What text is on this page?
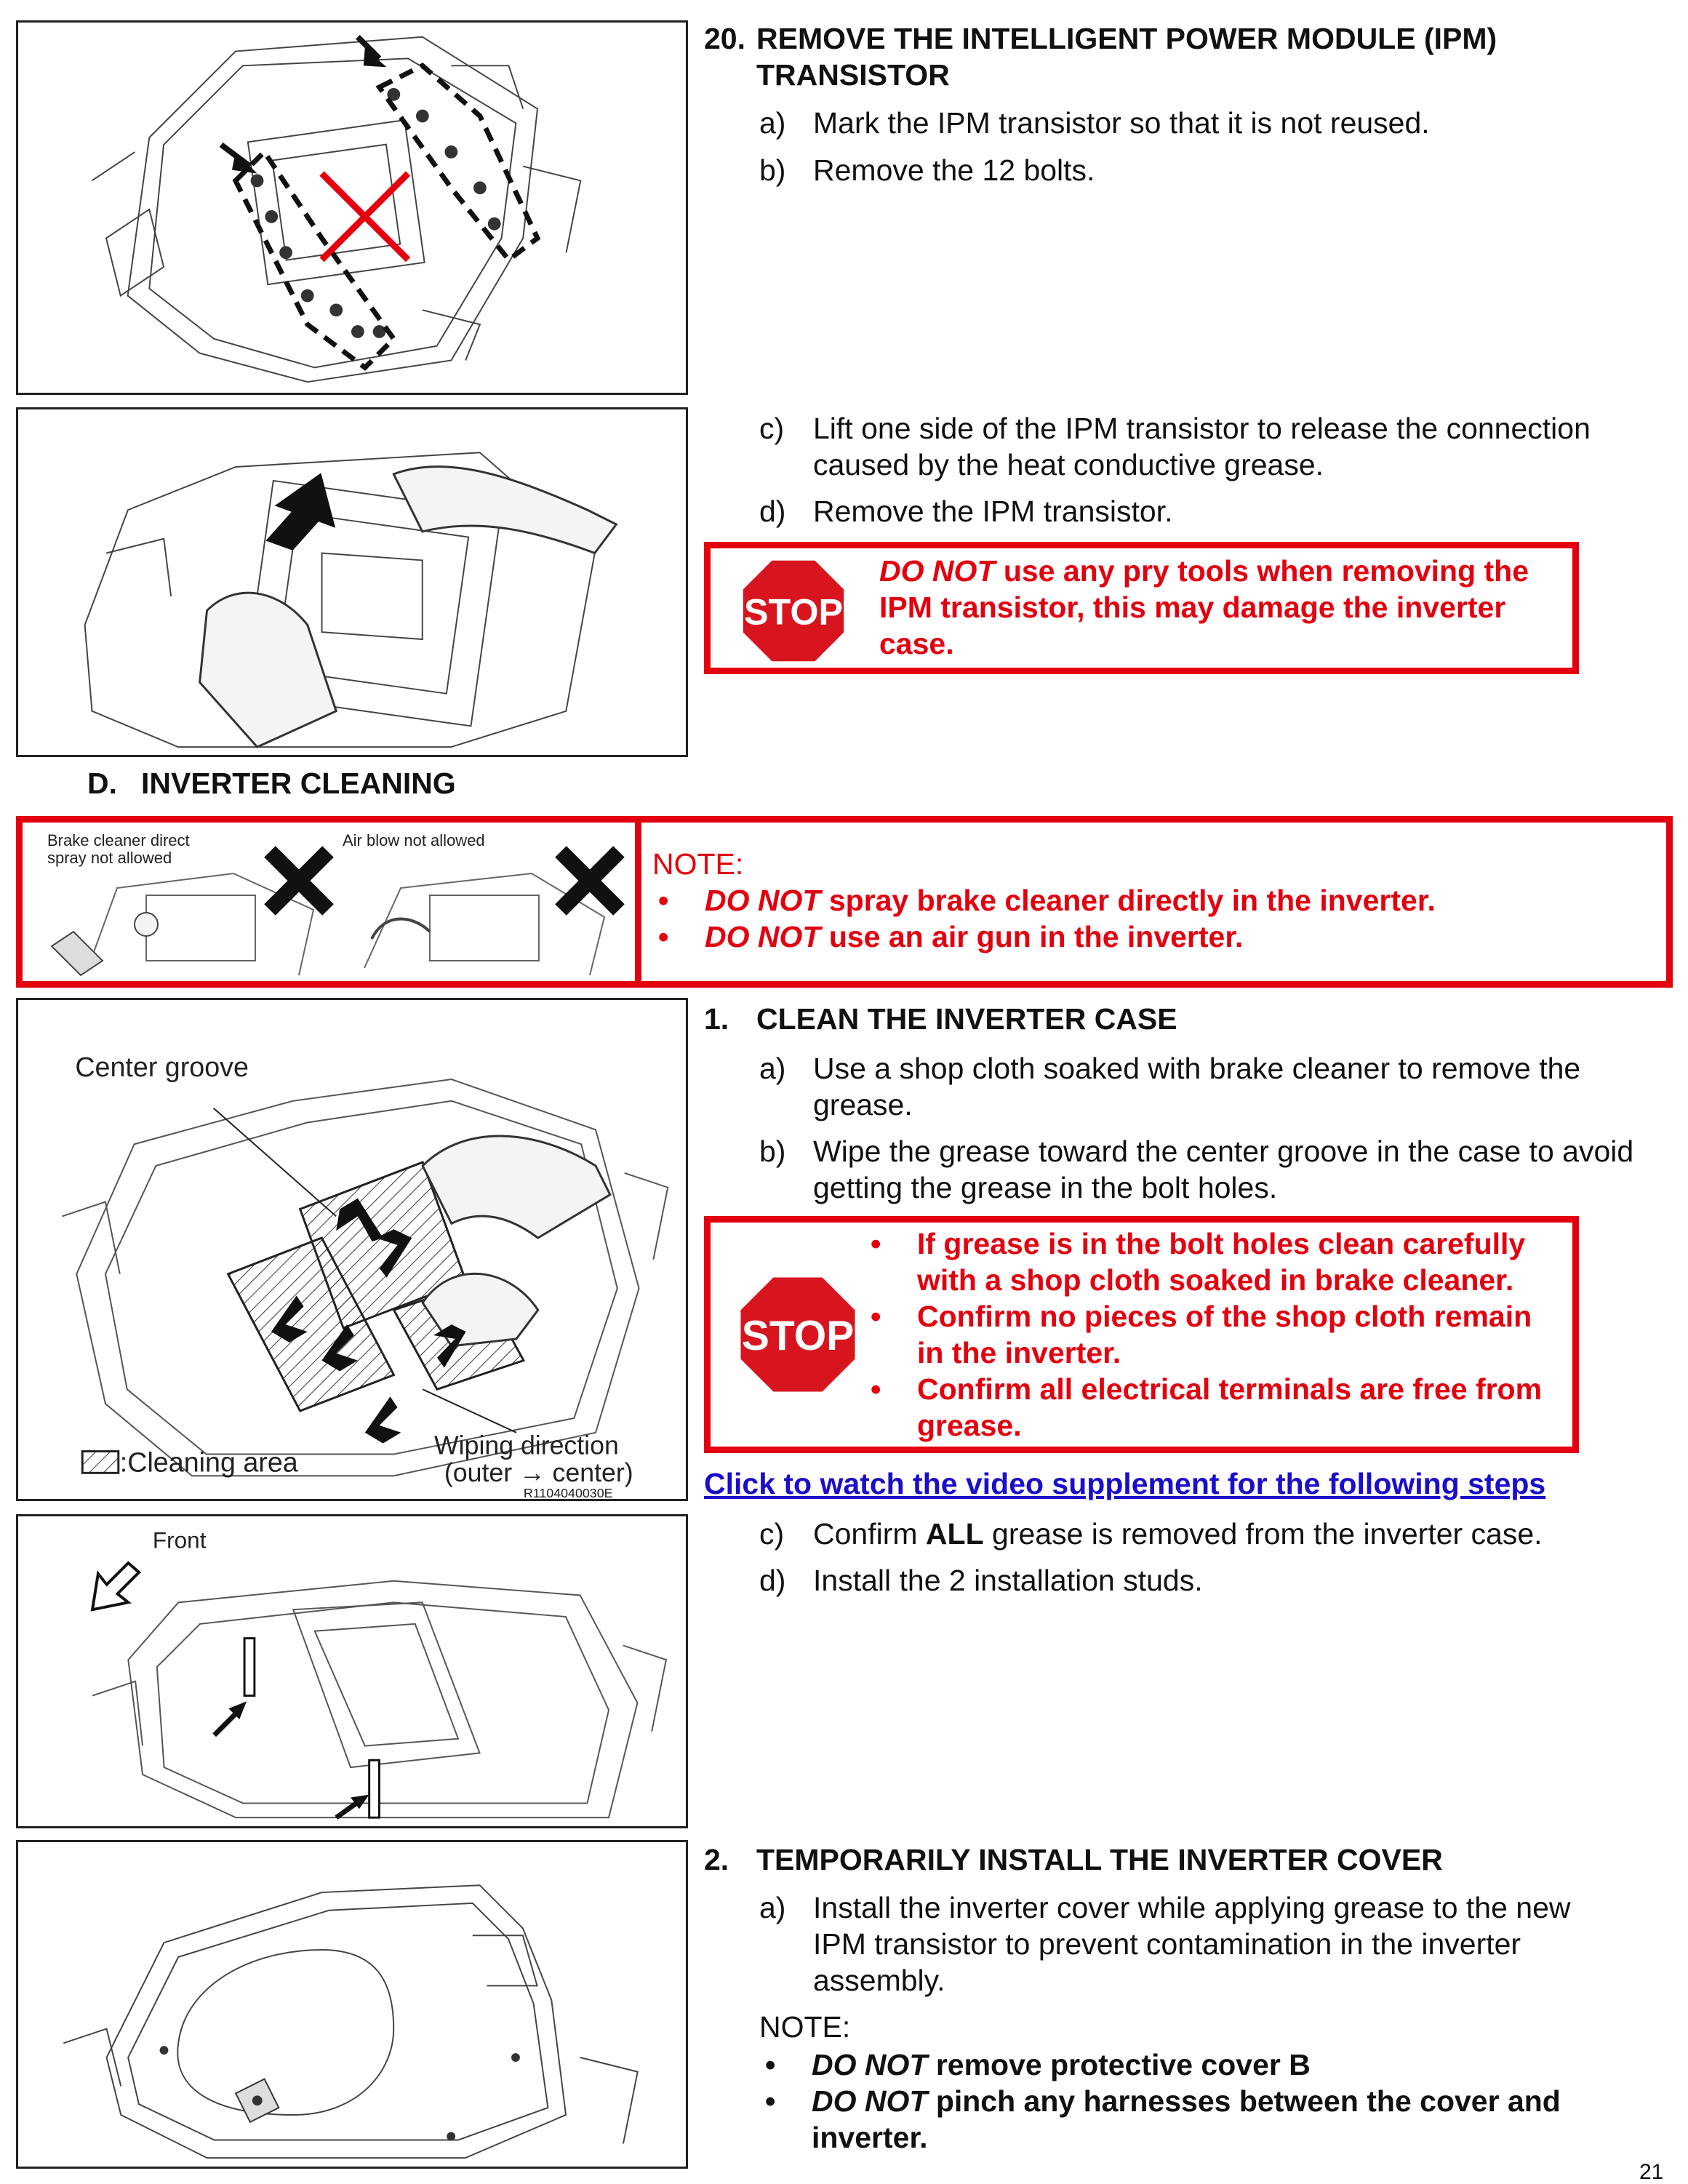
20. REMOVE THE INTELLIGENT POWER MODULE (IPM) TRANSISTOR
a) Mark the IPM transistor so that it is not reused.
b) Remove the 12 bolts.
c) Lift one side of the IPM transistor to release the connection caused by the heat conductive grease.
d) Remove the IPM transistor.
STOP
DO NOT use any pry tools when removing the IPM transistor, this may damage the inverter case.
D. INVERTER CLEANING
Brake cleaner direct
spray not allowed
Air blow not allowed
NOTE:
• DO NOT spray brake cleaner directly in the inverter.
• DO NOT use an air gun in the inverter.
Center groove
Wiping direction
(outer → center)
:Cleaning area
R1104040030E
1. CLEAN THE INVERTER CASE
a) Use a shop cloth soaked with brake cleaner to remove the grease.
b) Wipe the grease toward the center groove in the case to avoid getting the grease in the bolt holes.
STOP
• If grease is in the bolt holes clean carefully with a shop cloth soaked in brake cleaner.
• Confirm no pieces of the shop cloth remain in the inverter.
• Confirm all electrical terminals are free from grease.
Click to watch the video supplement for the following steps
Front	c) Confirm ALL grease is removed from the inverter case.
d) Install the 2 installation studs.
2. TEMPORARILY INSTALL THE INVERTER COVER
a) Install the inverter cover while applying grease to the new IPM transistor to prevent contamination in the inverter assembly.
NOTE:
• DO NOT remove protective cover B
• DO NOT pinch any harnesses between the cover and inverter.
21
